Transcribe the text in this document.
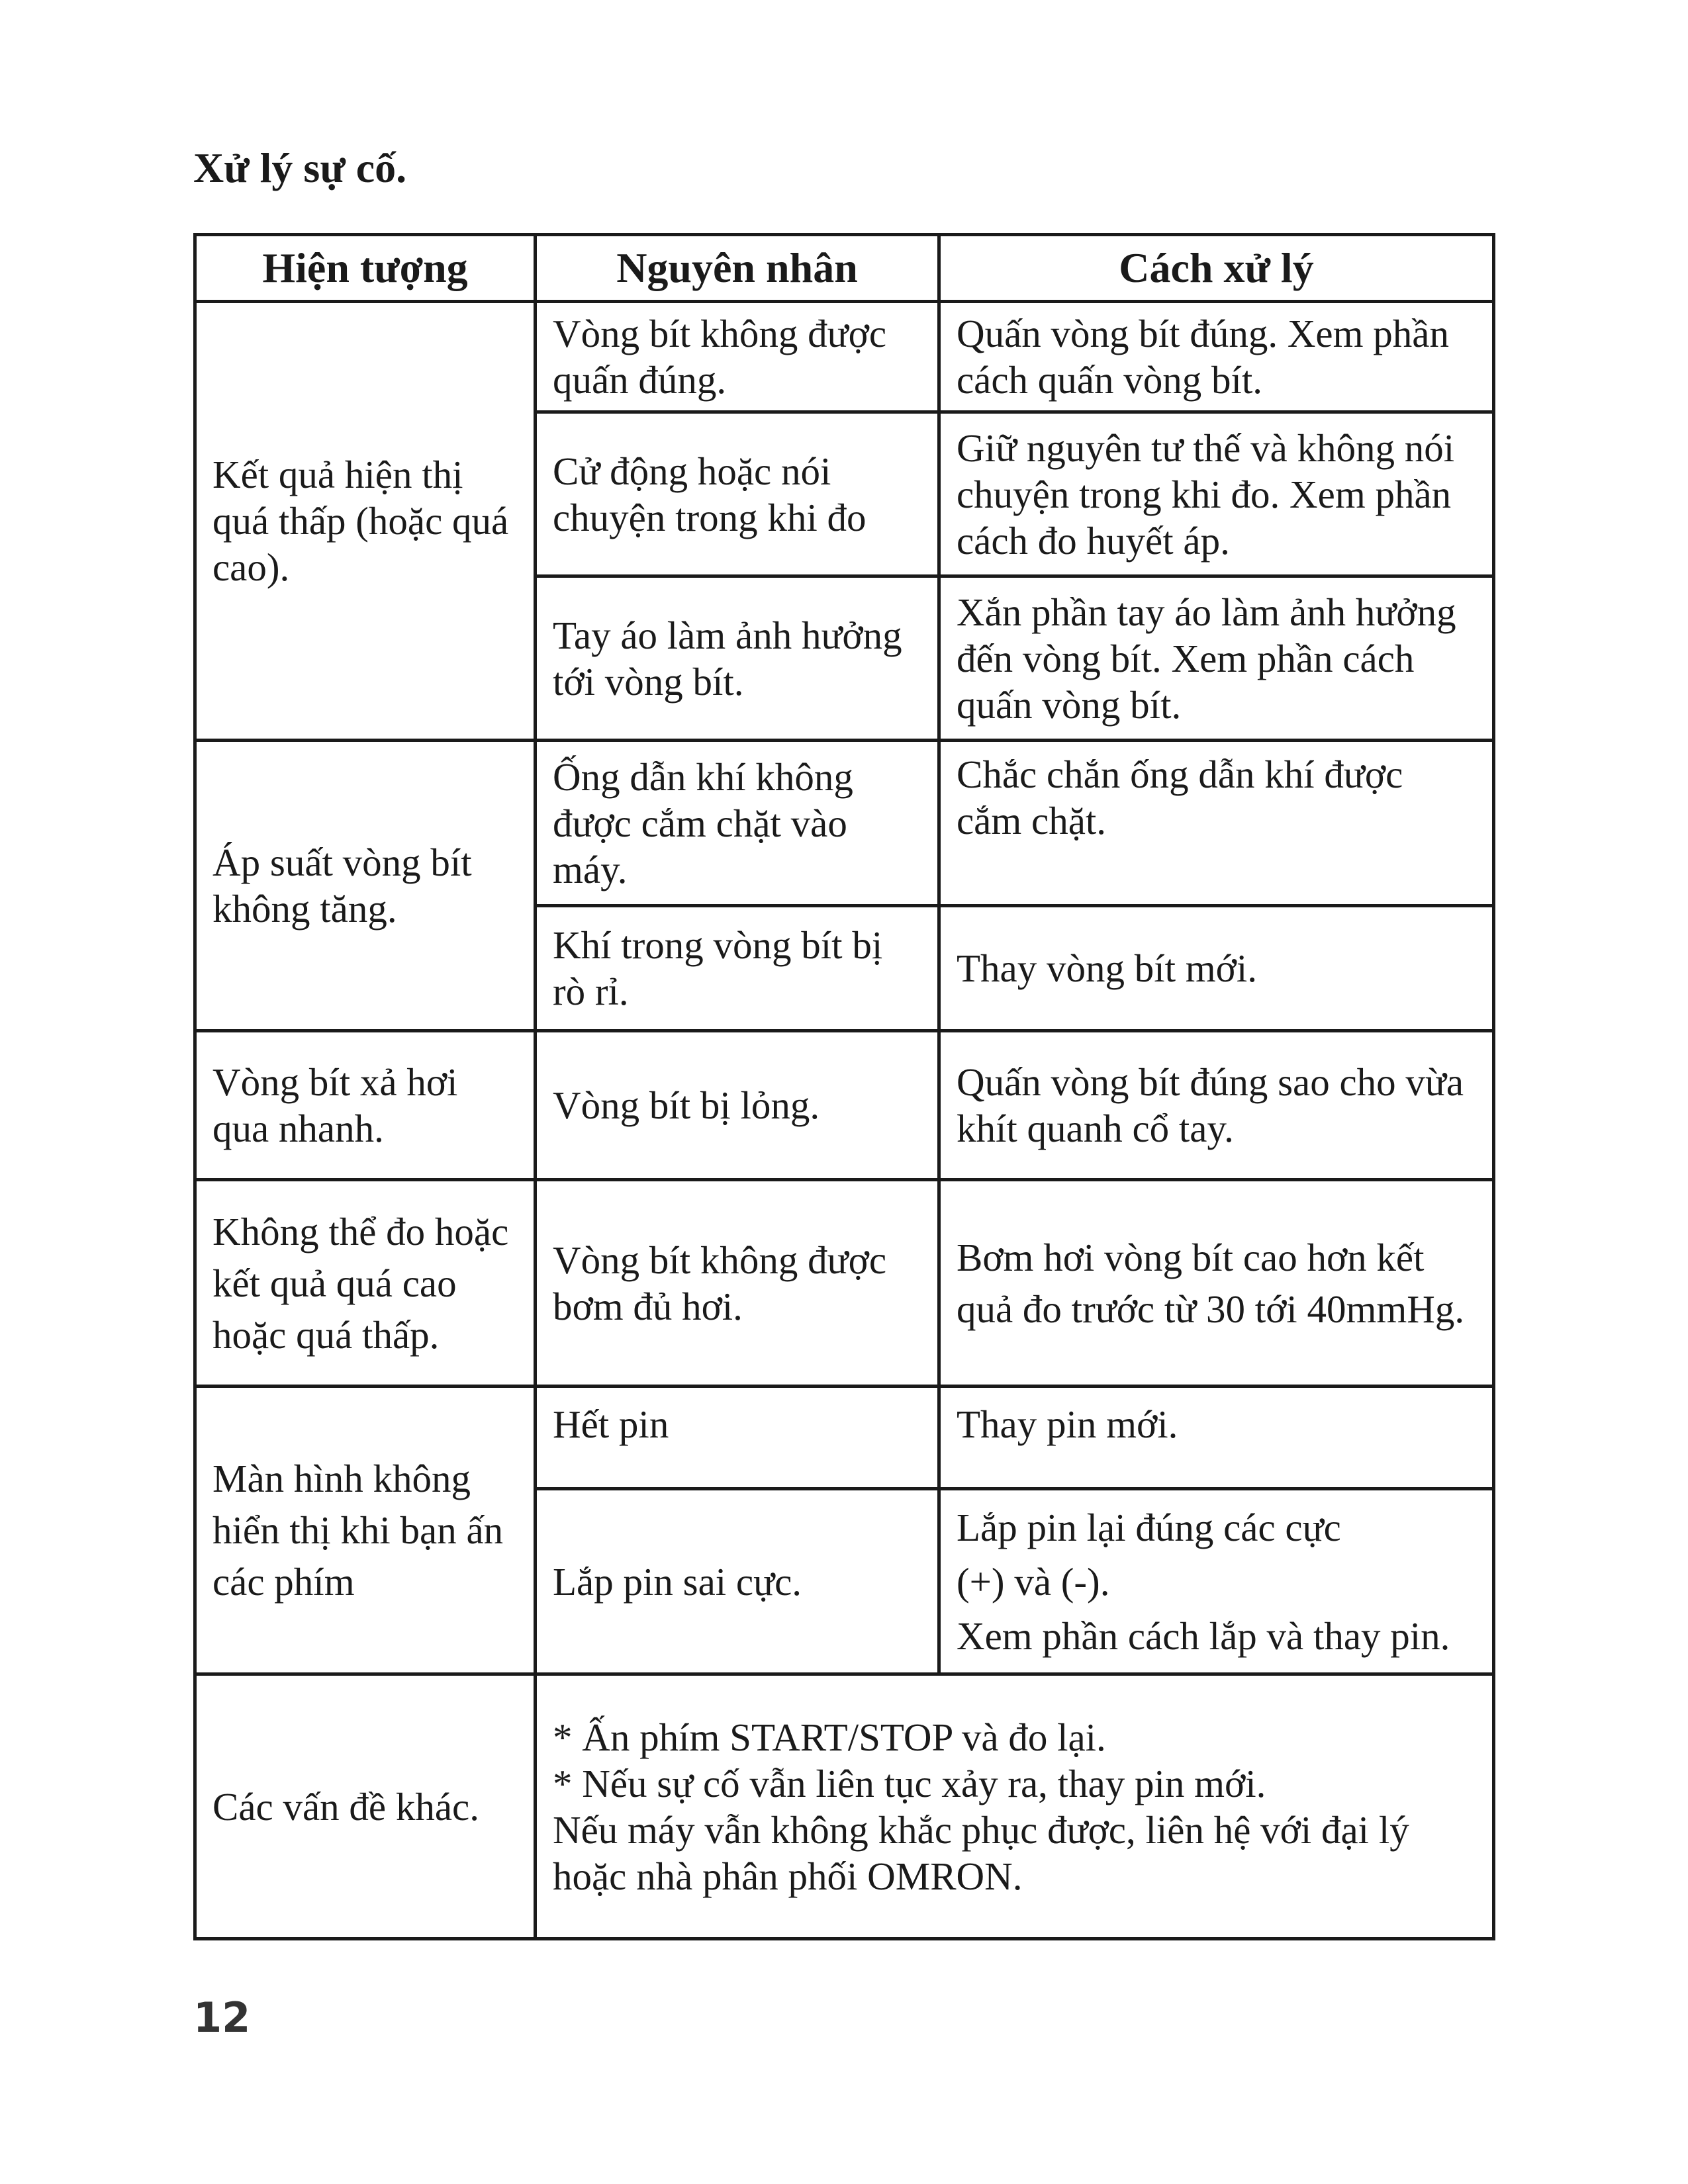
Xử lý sự cố.
Hiện tượng	Nguyên nhân	Cách xử lý
Kết quả hiện thị quá thấp (hoặc quá cao).	Vòng bít không được quấn đúng.	Quấn vòng bít đúng. Xem phần cách quấn vòng bít.
	Cử động hoặc nói chuyện trong khi đo	Giữ nguyên tư thế và không nói chuyện trong khi đo. Xem phần cách đo huyết áp.
	Tay áo làm ảnh hưởng tới vòng bít.	Xắn phần tay áo làm ảnh hưởng đến vòng bít. Xem phần cách quấn vòng bít.
Áp suất vòng bít không tăng.	Ống dẫn khí không được cắm chặt vào máy.	Chắc chắn ống dẫn khí được cắm chặt.
	Khí trong vòng bít bị rò rỉ.	Thay vòng bít mới.
Vòng bít xả hơi qua nhanh.	Vòng bít bị lỏng.	Quấn vòng bít đúng sao cho vừa khít quanh cổ tay.
Không thể đo hoặc kết quả quá cao hoặc quá thấp.	Vòng bít không được bơm đủ hơi.	Bơm hơi vòng bít cao hơn kết quả đo trước từ 30 tới 40mmHg.
Màn hình không hiển thị khi bạn ấn các phím	Hết pin	Thay pin mới.
	Lắp pin sai cực.	Lắp pin lại đúng các cực
(+) và (-).
Xem phần cách lắp và thay pin.

Các vấn đề khác.	* Ấn phím START/STOP và đo lại.
* Nếu sự cố vẫn liên tục xảy ra, thay pin mới.
Nếu máy vẫn không khắc phục được, liên hệ với đại lý hoặc nhà phân phối OMRON.	
12
